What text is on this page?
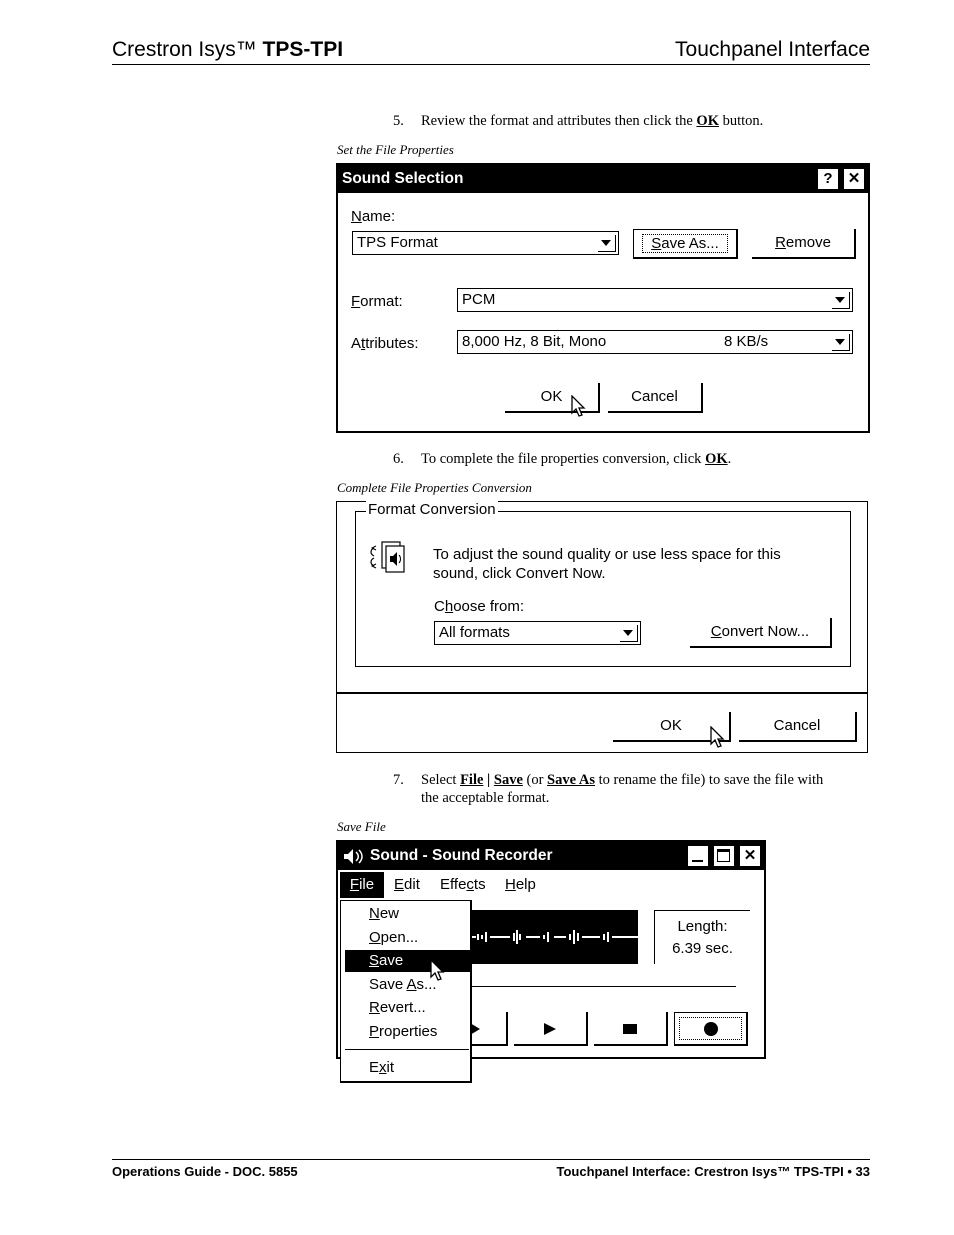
Crestron Isys™ TPS-TPI	Touchpanel Interface
5. Review the format and attributes then click the OK button.
Set the File Properties
Sound Selection	?	✕
Name:
TPS Format	Save As...	Remove
Format:	PCM
Attributes:	8,000 Hz, 8 Bit, Mono	8 KB/s
OK	Cancel
6. To complete the file properties conversion, click OK.
Complete File Properties Conversion
Format Conversion
To adjust the sound quality or use less space for this
sound, click Convert Now.
Choose from:
All formats	Convert Now...
OK	Cancel
7. Select File | Save (or Save As to rename the file) to save the file with
the acceptable format.
Save File
Sound - Sound Recorder	✕
File	Edit Effects Help
Length:
6.39 sec.
New
Open...
Save
Save As...
Revert...
Properties
Exit
Operations Guide - DOC. 5855	Touchpanel Interface: Crestron Isys™ TPS-TPI • 33
